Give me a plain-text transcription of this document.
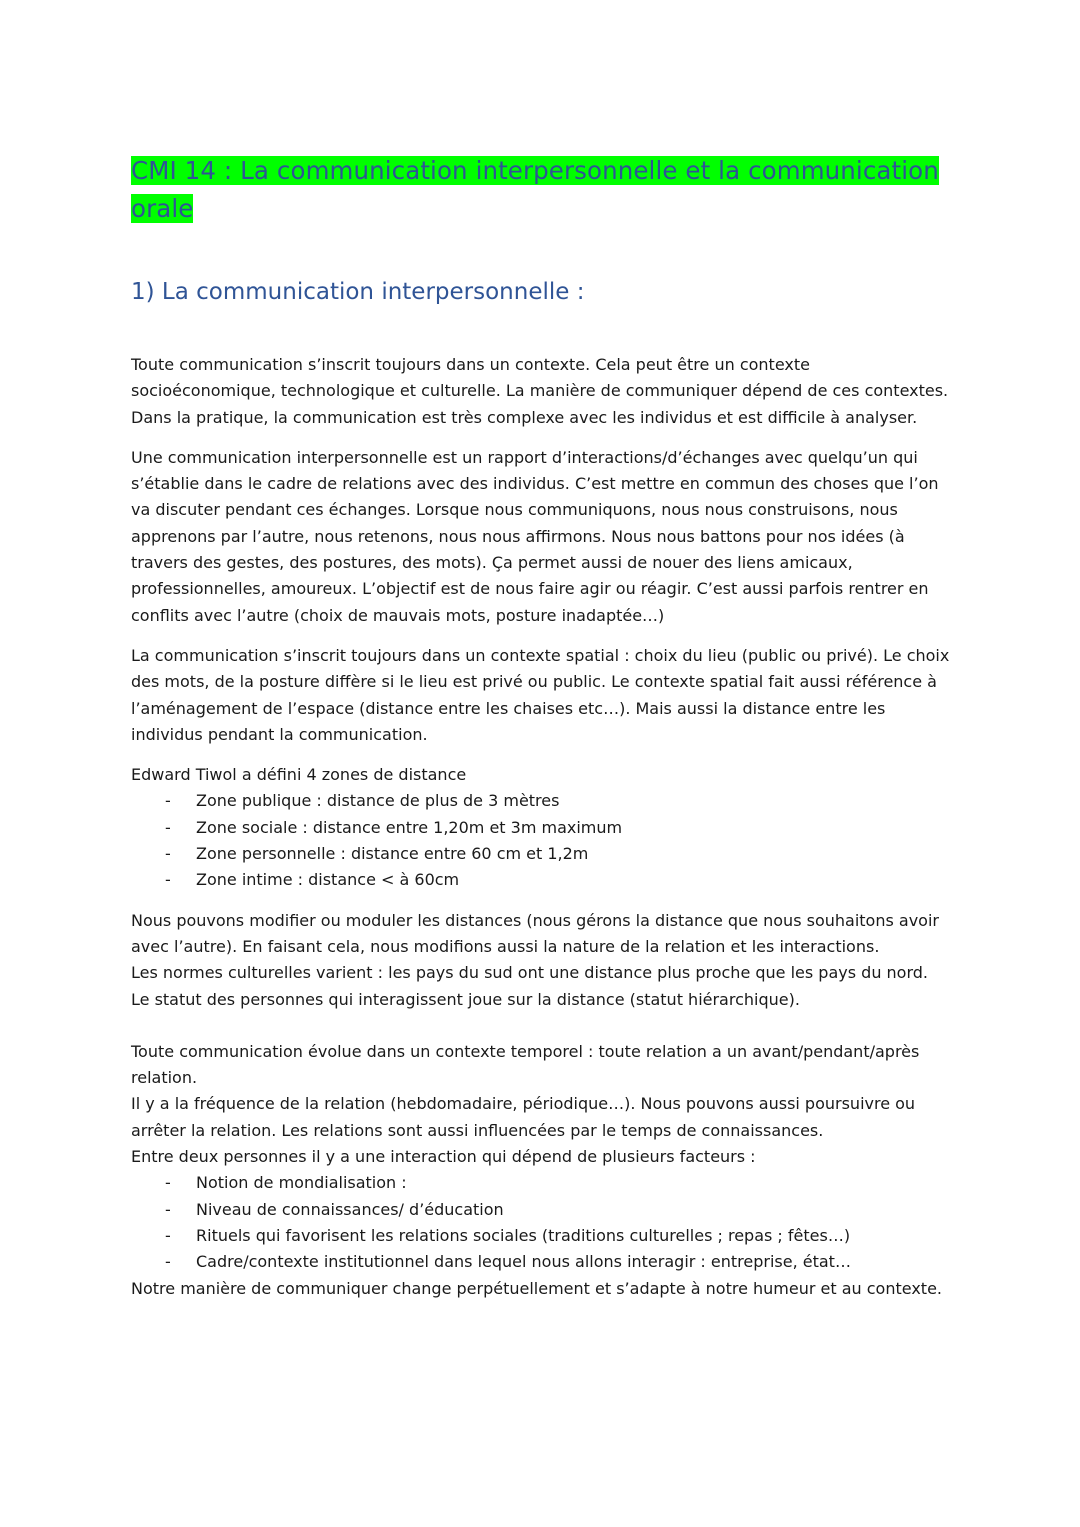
CMI 14 : La communication interpersonnelle et la communication orale
1) La communication interpersonnelle :

Toute communication s’inscrit toujours dans un contexte. Cela peut être un contexte socioéconomique, technologique et culturelle. La manière de communiquer dépend de ces contextes. Dans la pratique, la communication est très complexe avec les individus et est difficile à analyser.

Une communication interpersonnelle est un rapport d’interactions/d’échanges avec quelqu’un qui s’établie dans le cadre de relations avec des individus. C’est mettre en commun des choses que l’on va discuter pendant ces échanges. Lorsque nous communiquons, nous nous construisons, nous apprenons par l’autre, nous retenons, nous nous affirmons. Nous nous battons pour nos idées (à travers des gestes, des postures, des mots). Ça permet aussi de nouer des liens amicaux, professionnelles, amoureux. L’objectif est de nous faire agir ou réagir. C’est aussi parfois rentrer en conflits avec l’autre (choix de mauvais mots, posture inadaptée…)

La communication s’inscrit toujours dans un contexte spatial : choix du lieu (public ou privé). Le choix des mots, de la posture diffère si le lieu est privé ou public. Le contexte spatial fait aussi référence à l’aménagement de l’espace (distance entre les chaises etc…). Mais aussi la distance entre les individus pendant la communication.

Edward Tiwol a défini 4 zones de distance

- Zone publique : distance de plus de 3 mètres
- Zone sociale : distance entre 1,20m et 3m maximum
- Zone personnelle : distance entre 60 cm et 1,2m
- Zone intime : distance < à 60cm

Nous pouvons modifier ou moduler les distances (nous gérons la distance que nous souhaitons avoir avec l’autre). En faisant cela, nous modifions aussi la nature de la relation et les interactions.

Les normes culturelles varient : les pays du sud ont une distance plus proche que les pays du nord.

Le statut des personnes qui interagissent joue sur la distance (statut hiérarchique).

Toute communication évolue dans un contexte temporel : toute relation a un avant/pendant/après relation.

Il y a la fréquence de la relation (hebdomadaire, périodique…). Nous pouvons aussi poursuivre ou arrêter la relation. Les relations sont aussi influencées par le temps de connaissances.

Entre deux personnes il y a une interaction qui dépend de plusieurs facteurs :

- Notion de mondialisation :
- Niveau de connaissances/ d’éducation
- Rituels qui favorisent les relations sociales (traditions culturelles ; repas ; fêtes…)
- Cadre/contexte institutionnel dans lequel nous allons interagir : entreprise, état…

Notre manière de communiquer change perpétuellement et s’adapte à notre humeur et au contexte.
